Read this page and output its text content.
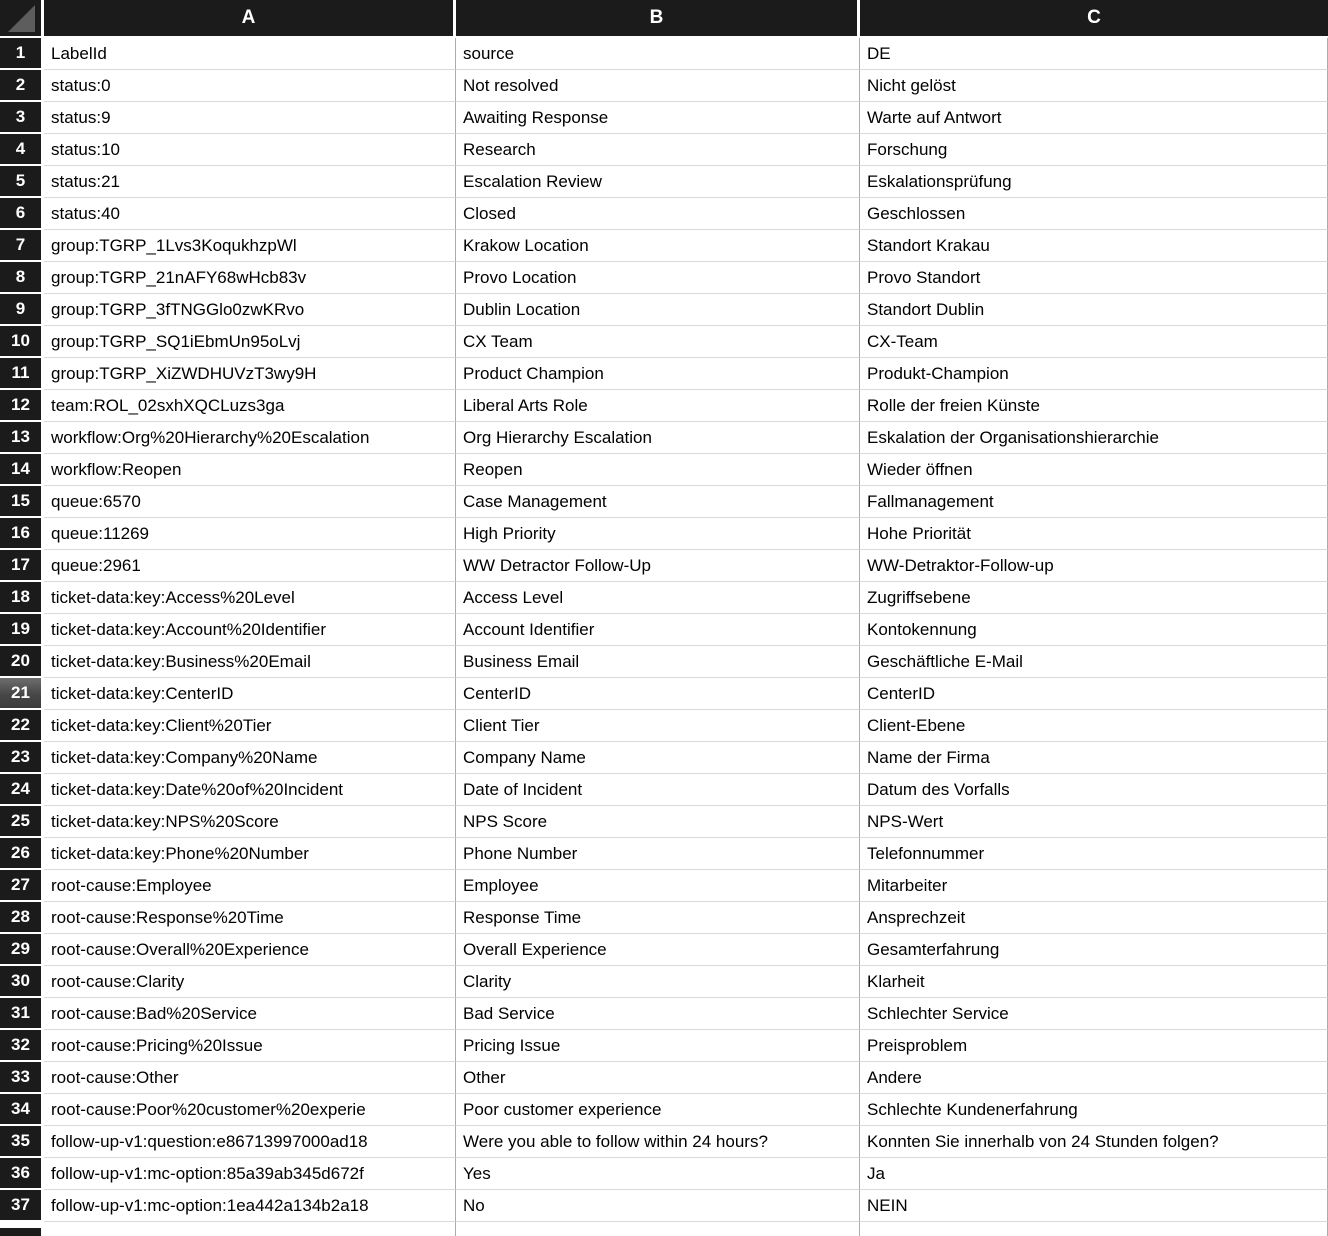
A	B	C
1	LabelId	source	DE
2	status:0	Not resolved	Nicht gelöst
3	status:9	Awaiting Response	Warte auf Antwort
4	status:10	Research	Forschung
5	status:21	Escalation Review	Eskalationsprüfung
6	status:40	Closed	Geschlossen
7	group:TGRP_1Lvs3KoqukhzpWl	Krakow Location	Standort Krakau
8	group:TGRP_21nAFY68wHcb83v	Provo Location	Provo Standort
9	group:TGRP_3fTNGGlo0zwKRvo	Dublin Location	Standort Dublin
10	group:TGRP_SQ1iEbmUn95oLvj	CX Team	CX-Team
11	group:TGRP_XiZWDHUVzT3wy9H	Product Champion	Produkt-Champion
12	team:ROL_02sxhXQCLuzs3ga	Liberal Arts Role	Rolle der freien Künste
13	workflow:Org%20Hierarchy%20Escalation	Org Hierarchy Escalation	Eskalation der Organisationshierarchie
14	workflow:Reopen	Reopen	Wieder öffnen
15	queue:6570	Case Management	Fallmanagement
16	queue:11269	High Priority	Hohe Priorität
17	queue:2961	WW Detractor Follow-Up	WW-Detraktor-Follow-up
18	ticket-data:key:Access%20Level	Access Level	Zugriffsebene
19	ticket-data:key:Account%20Identifier	Account Identifier	Kontokennung
20	ticket-data:key:Business%20Email	Business Email	Geschäftliche E-Mail
21	ticket-data:key:CenterID	CenterID	CenterID
22	ticket-data:key:Client%20Tier	Client Tier	Client-Ebene
23	ticket-data:key:Company%20Name	Company Name	Name der Firma
24	ticket-data:key:Date%20of%20Incident	Date of Incident	Datum des Vorfalls
25	ticket-data:key:NPS%20Score	NPS Score	NPS-Wert
26	ticket-data:key:Phone%20Number	Phone Number	Telefonnummer
27	root-cause:Employee	Employee	Mitarbeiter
28	root-cause:Response%20Time	Response Time	Ansprechzeit
29	root-cause:Overall%20Experience	Overall Experience	Gesamterfahrung
30	root-cause:Clarity	Clarity	Klarheit
31	root-cause:Bad%20Service	Bad Service	Schlechter Service
32	root-cause:Pricing%20Issue	Pricing Issue	Preisproblem
33	root-cause:Other	Other	Andere
34	root-cause:Poor%20customer%20experie	Poor customer experience	Schlechte Kundenerfahrung
35	follow-up-v1:question:e86713997000ad18	Were you able to follow within 24 hours?	Konnten Sie innerhalb von 24 Stunden folgen?
36	follow-up-v1:mc-option:85a39ab345d672f	Yes	Ja
37	follow-up-v1:mc-option:1ea442a134b2a18	No	NEIN
